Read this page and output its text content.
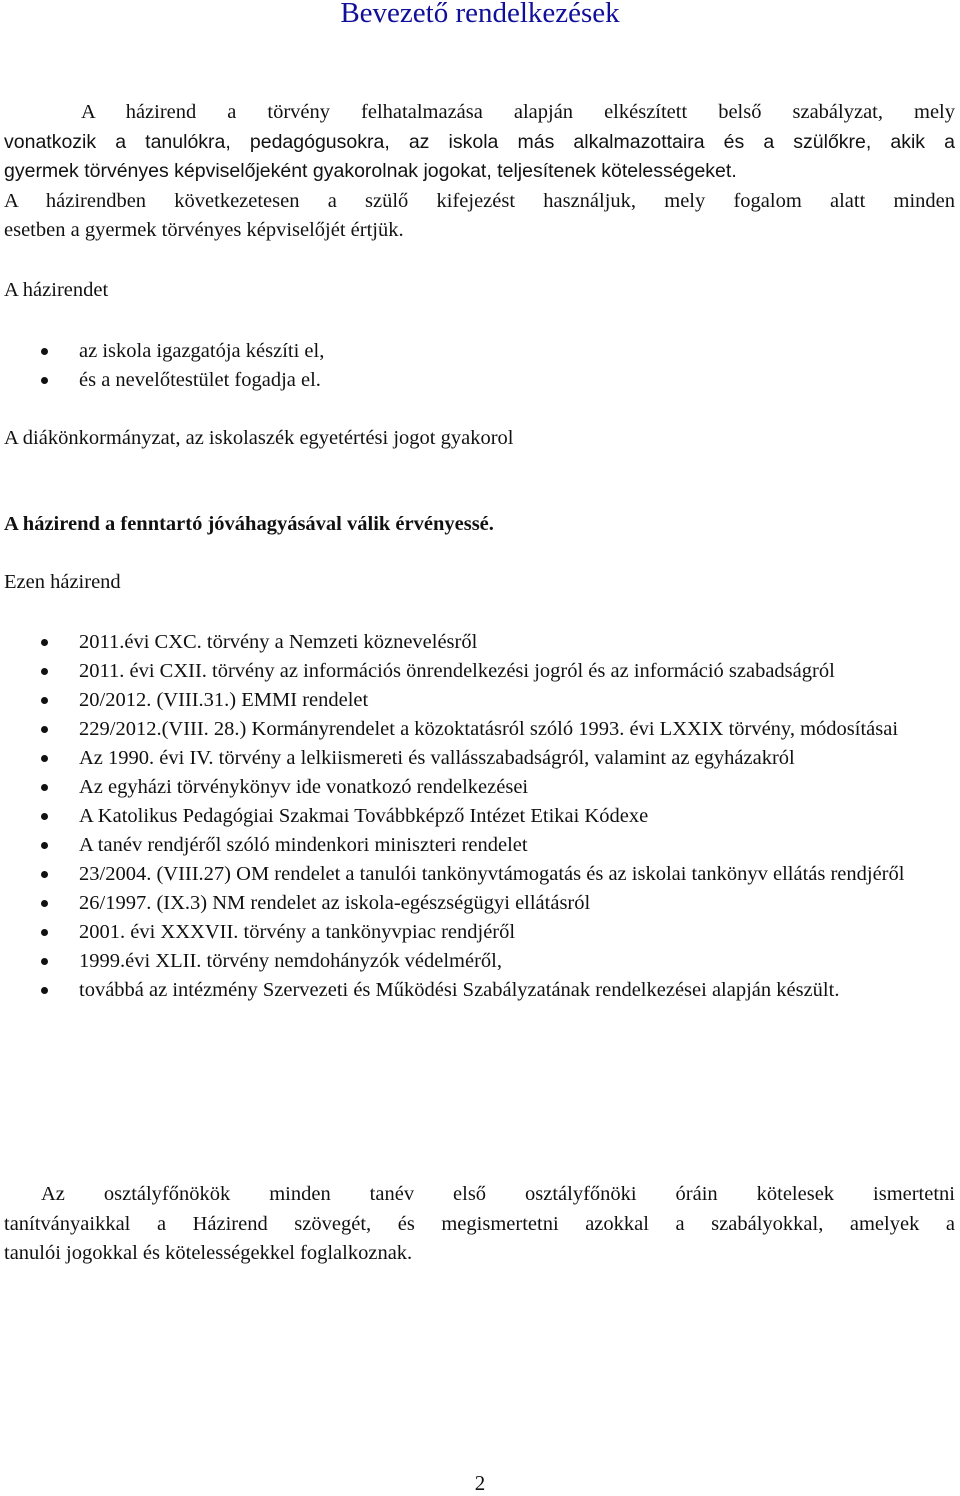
Bevezető rendelkezések
A házirend a törvény felhatalmazása alapján elkészített belső szabályzat, mely
vonatkozik a tanulókra, pedagógusokra, az iskola más alkalmazottaira és a szülőkre, akik a
gyermek törvényes képviselőjeként gyakorolnak jogokat, teljesítenek kötelességeket.
A házirendben következetesen a szülő kifejezést használjuk, mely fogalom alatt minden
esetben a gyermek törvényes képviselőjét értjük.

A házirendet

az iskola igazgatója készíti el,
és a nevelőtestület fogadja el.

A diákönkormányzat, az iskolaszék egyetértési jogot gyakorol

A házirend a fenntartó jóváhagyásával válik érvényessé.

Ezen házirend

2011.évi CXC. törvény a Nemzeti köznevelésről
2011. évi CXII. törvény az információs önrendelkezési jogról és az információ szabadságról
20/2012. (VIII.31.) EMMI rendelet
229/2012.(VIII. 28.) Kormányrendelet a közoktatásról szóló 1993. évi LXXIX törvény, módosításai
Az 1990. évi IV. törvény a lelkiismereti és vallásszabadságról, valamint az egyházakról
Az egyházi törvénykönyv ide vonatkozó rendelkezései
A Katolikus Pedagógiai Szakmai Továbbképző Intézet Etikai Kódexe
A tanév rendjéről szóló mindenkori miniszteri rendelet
23/2004. (VIII.27) OM rendelet a tanulói tankönyvtámogatás és az iskolai tankönyv ellátás rendjéről
26/1997. (IX.3) NM rendelet az iskola-egészségügyi ellátásról
2001. évi XXXVII. törvény a tankönyvpiac rendjéről
1999.évi XLII. törvény nemdohányzók védelméről,
továbbá az intézmény Szervezeti és Működési Szabályzatának rendelkezései alapján készült.
Az osztályfőnökök minden tanév első osztályfőnöki óráin kötelesek ismertetni
tanítványaikkal a Házirend szövegét, és megismertetni azokkal a szabályokkal, amelyek a
tanulói jogokkal és kötelességekkel foglalkoznak.
2
